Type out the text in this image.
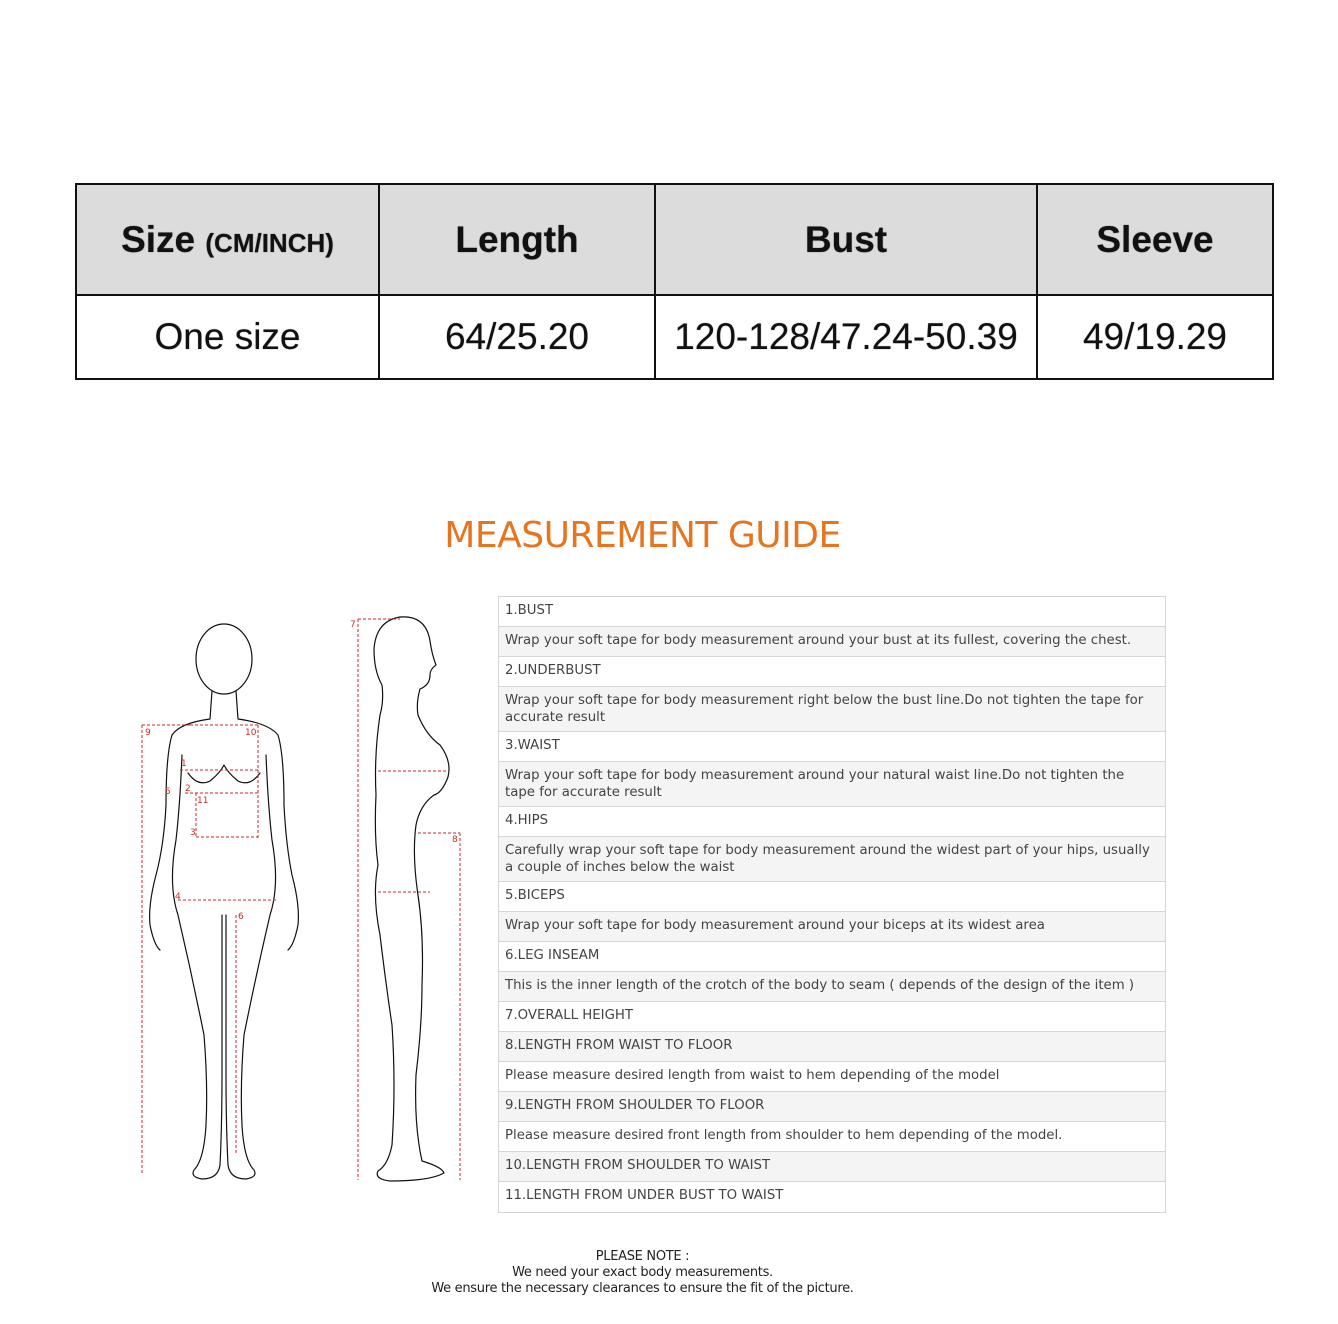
Size (CM/INCH)	Length	Bust	Sleeve
One size	64/25.20	120-128/47.24-50.39	49/19.29
MEASUREMENT GUIDE
1
2
3
4
5
6
7
8
9	10
11
1.BUST
Wrap your soft tape for body measurement around your bust at its fullest, covering the chest.
2.UNDERBUST
Wrap your soft tape for body measurement right below the bust line.Do not tighten the tape for accurate result
3.WAIST
Wrap your soft tape for body measurement around your natural waist line.Do not tighten the tape for accurate result
4.HIPS
Carefully wrap your soft tape for body measurement around the widest part of your hips, usually a couple of inches below the waist
5.BICEPS
Wrap your soft tape for body measurement around your biceps at its widest area
6.LEG INSEAM
This is the inner length of the crotch of the body to seam ( depends of the design of the item )
7.OVERALL HEIGHT
8.LENGTH FROM WAIST TO FLOOR
Please measure desired length from waist to hem depending of the model
9.LENGTH FROM SHOULDER TO FLOOR
Please measure desired front length from shoulder to hem depending of the model.
10.LENGTH FROM SHOULDER TO WAIST
11.LENGTH FROM UNDER BUST TO WAIST
PLEASE NOTE :
We need your exact body measurements.
We ensure the necessary clearances to ensure the fit of the picture.
